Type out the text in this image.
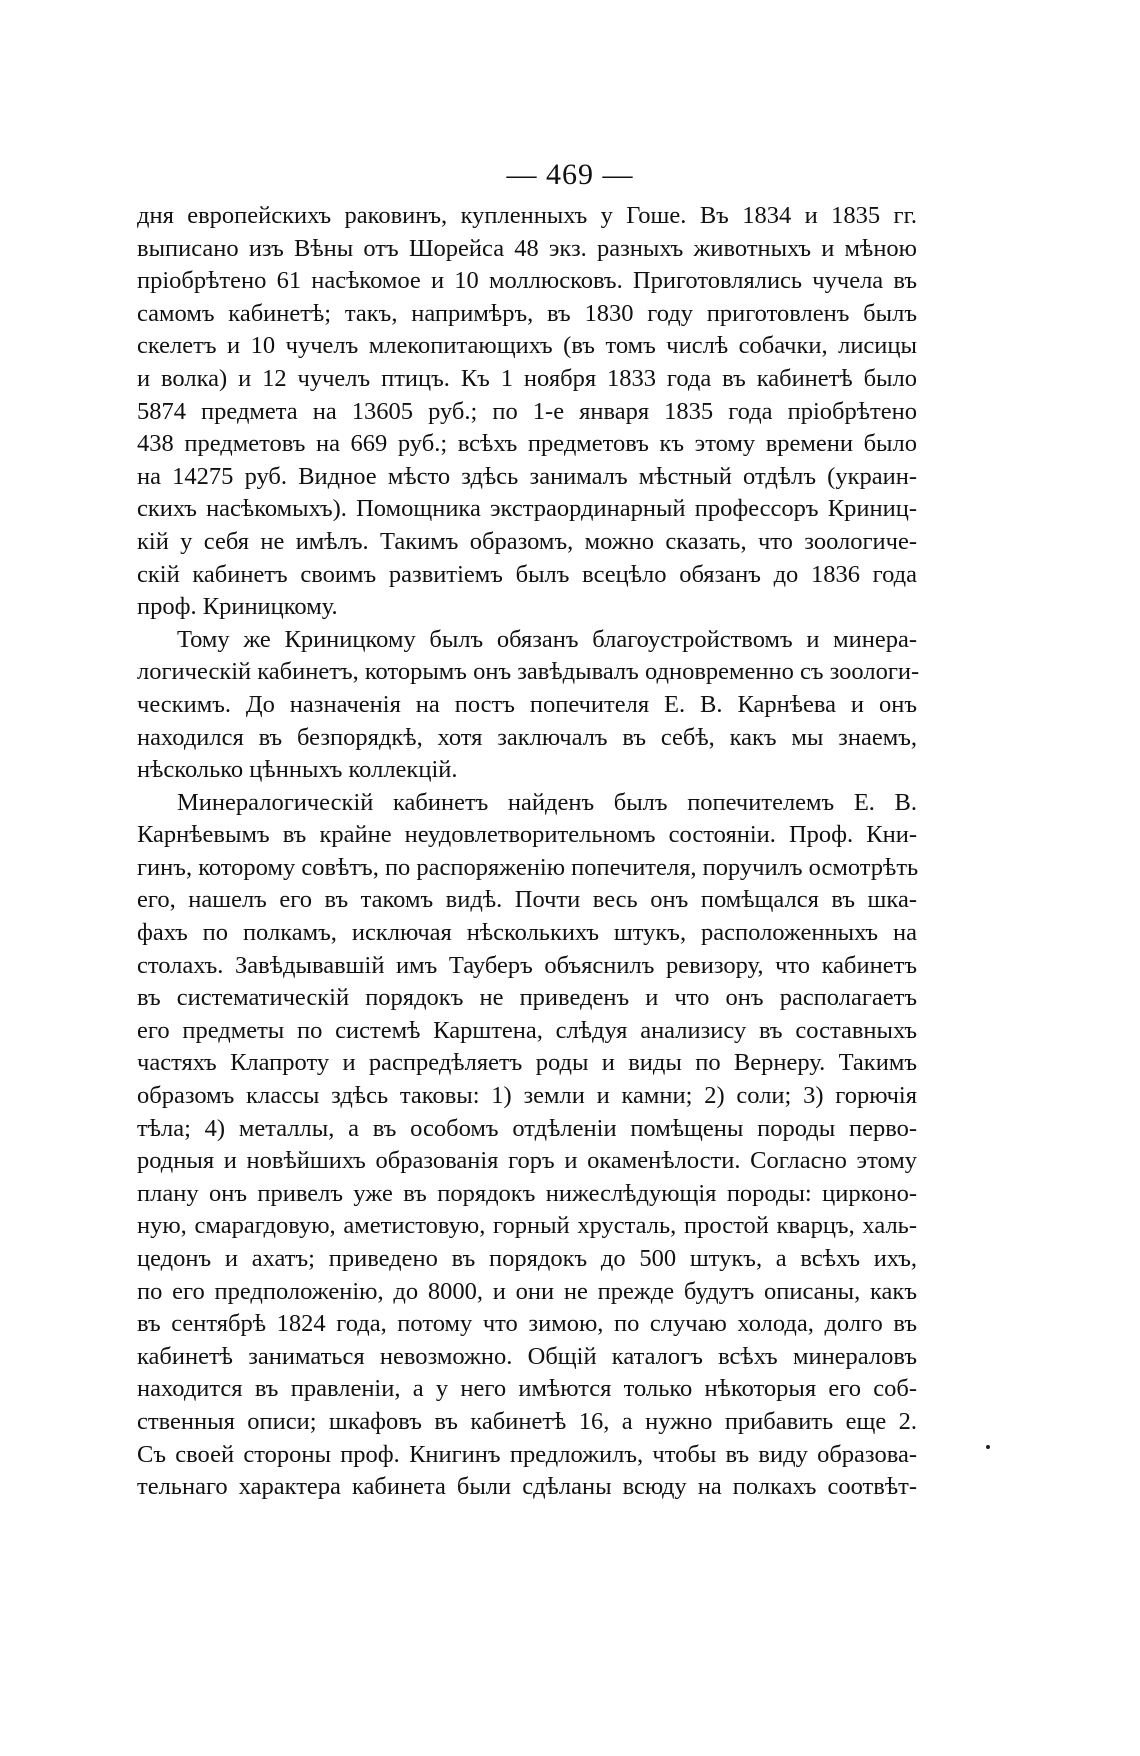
— 469 —
дня европейскихъ раковинъ, купленныхъ у Гоше. Въ 1834 и 1835 гг.
выписано изъ Вѣны отъ Шорейса 48 экз. разныхъ животныхъ и мѣною
пріобрѣтено 61 насѣкомое и 10 моллюсковъ. Приготовлялись чучела въ
самомъ кабинетѣ; такъ, напримѣръ, въ 1830 году приготовленъ былъ
скелетъ и 10 чучелъ млекопитающихъ (въ томъ числѣ собачки, лисицы
и волка) и 12 чучелъ птицъ. Къ 1 ноября 1833 года въ кабинетѣ было
5874 предмета на 13605 руб.; по 1-е января 1835 года пріобрѣтено
438 предметовъ на 669 руб.; всѣхъ предметовъ къ этому времени было
на 14275 руб. Видное мѣсто здѣсь занималъ мѣстный отдѣлъ (украин-
скихъ насѣкомыхъ). Помощника экстраординарный профессоръ Криниц-
кій у себя не имѣлъ. Такимъ образомъ, можно сказать, что зоологиче-
скій кабинетъ своимъ развитіемъ былъ всецѣло обязанъ до 1836 года
проф. Криницкому.
Тому же Криницкому былъ обязанъ благоустройствомъ и минера-
логическій кабинетъ, которымъ онъ завѣдывалъ одновременно съ зоологи-
ческимъ. До назначенія на постъ попечителя Е. В. Карнѣева и онъ
находился въ безпорядкѣ, хотя заключалъ въ себѣ, какъ мы знаемъ,
нѣсколько цѣнныхъ коллекцій.
Минералогическій кабинетъ найденъ былъ попечителемъ Е. В.
Карнѣевымъ въ крайне неудовлетворительномъ состояніи. Проф. Кни-
гинъ, которому совѣтъ, по распоряженію попечителя, поручилъ осмотрѣть
его, нашелъ его въ такомъ видѣ. Почти весь онъ помѣщался въ шка-
фахъ по полкамъ, исключая нѣсколькихъ штукъ, расположенныхъ на
столахъ. Завѣдывавшій имъ Тауберъ объяснилъ ревизору, что кабинетъ
въ систематическій порядокъ не приведенъ и что онъ располагаетъ
его предметы по системѣ Карштена, слѣдуя анализису въ составныхъ
частяхъ Клапроту и распредѣляетъ роды и виды по Вернеру. Такимъ
образомъ классы здѣсь таковы: 1) земли и камни; 2) соли; 3) горючія
тѣла; 4) металлы, а въ особомъ отдѣленіи помѣщены породы перво-
родныя и новѣйшихъ образованія горъ и окаменѣлости. Согласно этому
плану онъ привелъ уже въ порядокъ нижеслѣдующія породы: цирконо-
ную, смарагдовую, аметистовую, горный хрусталь, простой кварцъ, халь-
цедонъ и ахатъ; приведено въ порядокъ до 500 штукъ, а всѣхъ ихъ,
по его предположенію, до 8000, и они не прежде будутъ описаны, какъ
въ сентябрѣ 1824 года, потому что зимою, по случаю холода, долго въ
кабинетѣ заниматься невозможно. Общій каталогъ всѣхъ минераловъ
находится въ правленіи, а у него имѣются только нѣкоторыя его соб-
ственныя описи; шкафовъ въ кабинетѣ 16, а нужно прибавить еще 2.
Съ своей стороны проф. Книгинъ предложилъ, чтобы въ виду образова-
тельнаго характера кабинета были сдѣланы всюду на полкахъ соотвѣт-
